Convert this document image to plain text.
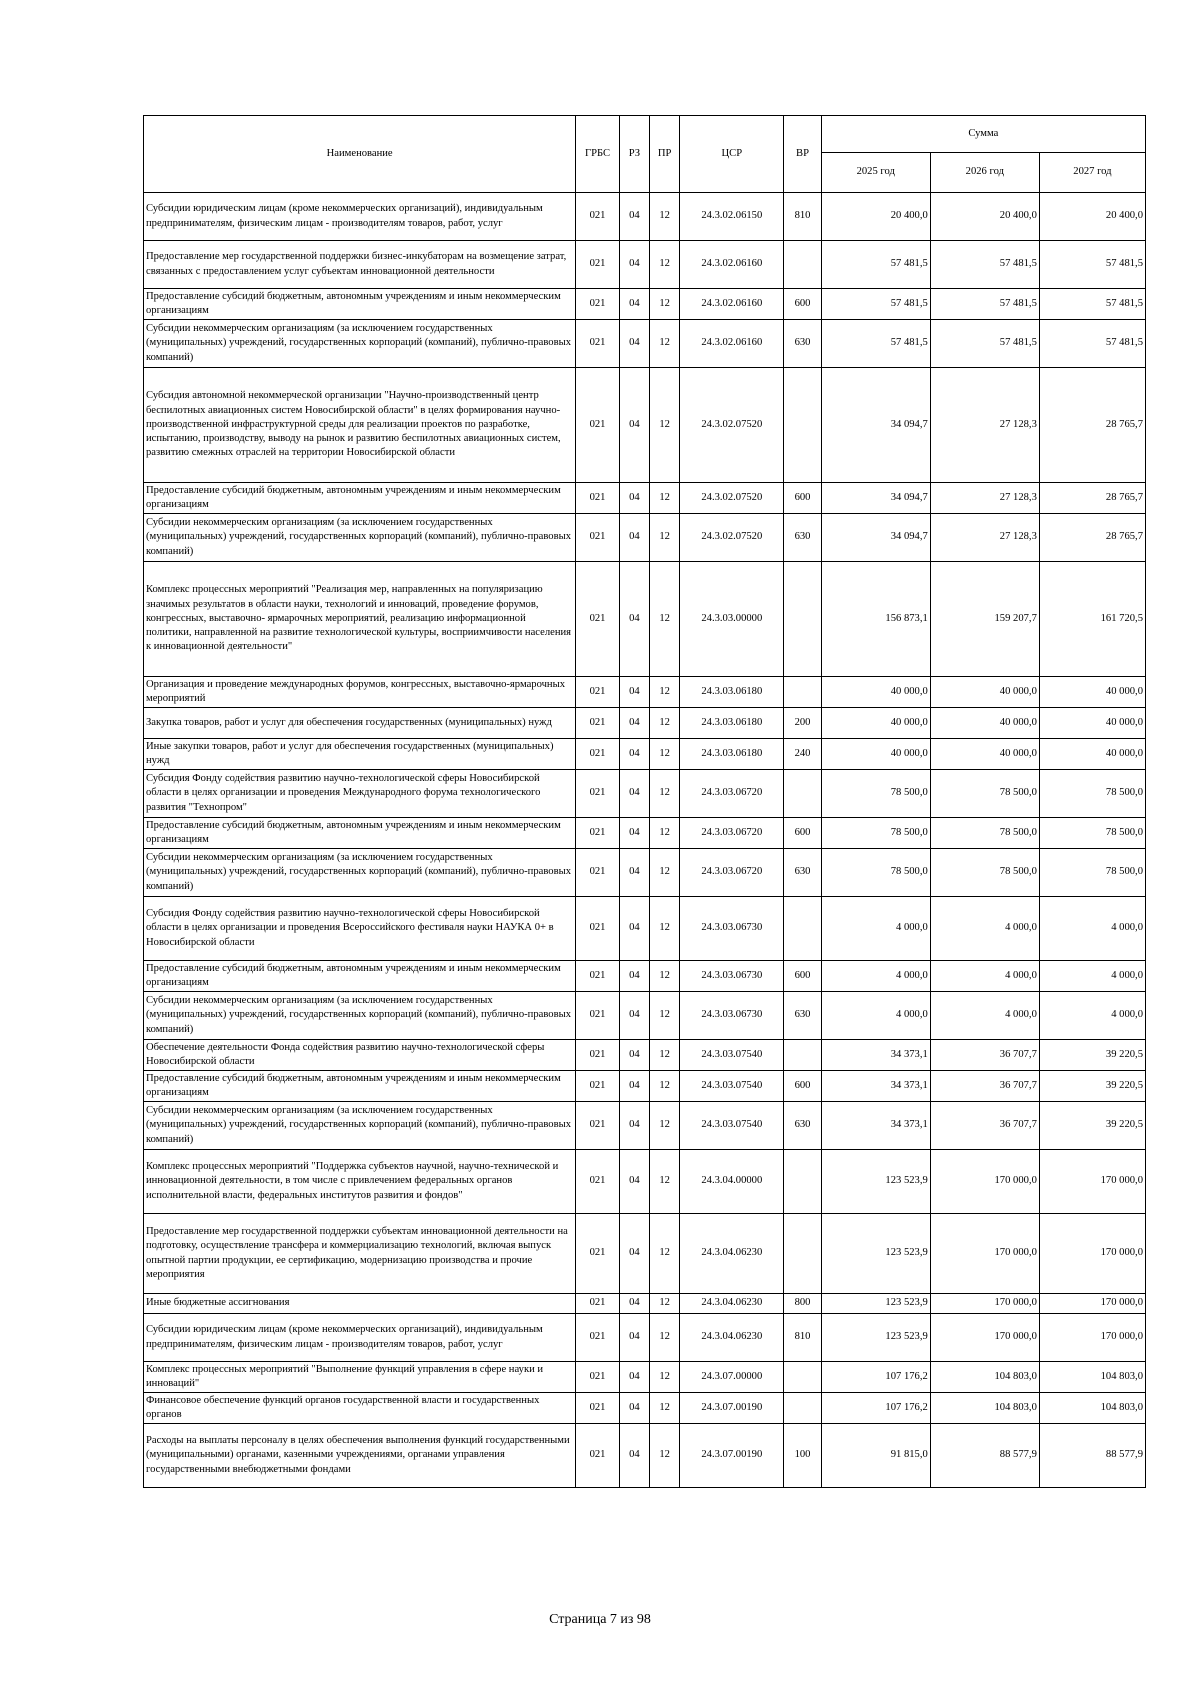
Наименование	ГРБС	РЗ	ПР	ЦСР	ВР	Сумма		
						2025 год	2026 год	2027 год
Субсидии юридическим лицам (кроме некоммерческих организаций), индивидуальным предпринимателям, физическим лицам - производителям товаров, работ, услуг	021	04	12	24.3.02.06150	810	20 400,0	20 400,0	20 400,0
Предоставление мер государственной поддержки бизнес-инкубаторам на возмещение затрат, связанных с предоставлением услуг субъектам инновационной деятельности	021	04	12	24.3.02.06160		57 481,5	57 481,5	57 481,5
Предоставление субсидий бюджетным, автономным учреждениям и иным некоммерческим организациям	021	04	12	24.3.02.06160	600	57 481,5	57 481,5	57 481,5
Субсидии некоммерческим организациям (за исключением государственных (муниципальных) учреждений, государственных корпораций (компаний), публично-правовых компаний)	021	04	12	24.3.02.06160	630	57 481,5	57 481,5	57 481,5
Субсидия автономной некоммерческой организации "Научно-производственный центр беспилотных авиационных систем Новосибирской области" в целях формирования научно-производственной инфраструктурной среды для реализации проектов по разработке, испытанию, производству, выводу на рынок и развитию беспилотных авиационных систем, развитию смежных отраслей на территории Новосибирской области	021	04	12	24.3.02.07520		34 094,7	27 128,3	28 765,7
Предоставление субсидий бюджетным, автономным учреждениям и иным некоммерческим организациям	021	04	12	24.3.02.07520	600	34 094,7	27 128,3	28 765,7
Субсидии некоммерческим организациям (за исключением государственных (муниципальных) учреждений, государственных корпораций (компаний), публично-правовых компаний)	021	04	12	24.3.02.07520	630	34 094,7	27 128,3	28 765,7
Комплекс процессных мероприятий "Реализация мер, направленных на популяризацию значимых результатов в области науки, технологий и инноваций, проведение форумов, конгрессных, выставочно- ярмарочных мероприятий, реализацию информационной политики, направленной на развитие технологической культуры, восприимчивости населения к инновационной деятельности"	021	04	12	24.3.03.00000		156 873,1	159 207,7	161 720,5
Организация и проведение международных форумов, конгрессных, выставочно-ярмарочных мероприятий	021	04	12	24.3.03.06180		40 000,0	40 000,0	40 000,0
Закупка товаров, работ и услуг для обеспечения государственных (муниципальных) нужд	021	04	12	24.3.03.06180	200	40 000,0	40 000,0	40 000,0
Иные закупки товаров, работ и услуг для обеспечения государственных (муниципальных) нужд	021	04	12	24.3.03.06180	240	40 000,0	40 000,0	40 000,0
Субсидия Фонду содействия развитию научно-технологической сферы Новосибирской области в целях организации и проведения Международного форума технологического развития "Технопром"	021	04	12	24.3.03.06720		78 500,0	78 500,0	78 500,0
Предоставление субсидий бюджетным, автономным учреждениям и иным некоммерческим организациям	021	04	12	24.3.03.06720	600	78 500,0	78 500,0	78 500,0
Субсидии некоммерческим организациям (за исключением государственных (муниципальных) учреждений, государственных корпораций (компаний), публично-правовых компаний)	021	04	12	24.3.03.06720	630	78 500,0	78 500,0	78 500,0
Субсидия Фонду содействия развитию научно-технологической сферы Новосибирской области в целях организации и проведения Всероссийского фестиваля науки НАУКА 0+ в Новосибирской области	021	04	12	24.3.03.06730		4 000,0	4 000,0	4 000,0
Предоставление субсидий бюджетным, автономным учреждениям и иным некоммерческим организациям	021	04	12	24.3.03.06730	600	4 000,0	4 000,0	4 000,0
Субсидии некоммерческим организациям (за исключением государственных (муниципальных) учреждений, государственных корпораций (компаний), публично-правовых компаний)	021	04	12	24.3.03.06730	630	4 000,0	4 000,0	4 000,0
Обеспечение деятельности Фонда содействия развитию научно-технологической сферы Новосибирской области	021	04	12	24.3.03.07540		34 373,1	36 707,7	39 220,5
Предоставление субсидий бюджетным, автономным учреждениям и иным некоммерческим организациям	021	04	12	24.3.03.07540	600	34 373,1	36 707,7	39 220,5
Субсидии некоммерческим организациям (за исключением государственных (муниципальных) учреждений, государственных корпораций (компаний), публично-правовых компаний)	021	04	12	24.3.03.07540	630	34 373,1	36 707,7	39 220,5
Комплекс процессных мероприятий "Поддержка субъектов научной, научно-технической и инновационной деятельности, в том числе с привлечением федеральных органов исполнительной власти, федеральных институтов развития и фондов"	021	04	12	24.3.04.00000		123 523,9	170 000,0	170 000,0
Предоставление мер государственной поддержки субъектам инновационной деятельности на подготовку, осуществление трансфера и коммерциализацию технологий, включая выпуск опытной партии продукции, ее сертификацию, модернизацию производства и прочие мероприятия	021	04	12	24.3.04.06230		123 523,9	170 000,0	170 000,0
Иные бюджетные ассигнования	021	04	12	24.3.04.06230	800	123 523,9	170 000,0	170 000,0
Субсидии юридическим лицам (кроме некоммерческих организаций), индивидуальным предпринимателям, физическим лицам - производителям товаров, работ, услуг	021	04	12	24.3.04.06230	810	123 523,9	170 000,0	170 000,0
Комплекс процессных мероприятий "Выполнение функций управления в сфере науки и инноваций"	021	04	12	24.3.07.00000		107 176,2	104 803,0	104 803,0
Финансовое обеспечение функций органов государственной власти и государственных органов	021	04	12	24.3.07.00190		107 176,2	104 803,0	104 803,0
Расходы на выплаты персоналу в целях обеспечения выполнения функций государственными (муниципальными) органами, казенными учреждениями, органами управления государственными внебюджетными фондами	021	04	12	24.3.07.00190	100	91 815,0	88 577,9	88 577,9
Страница 7 из 98
